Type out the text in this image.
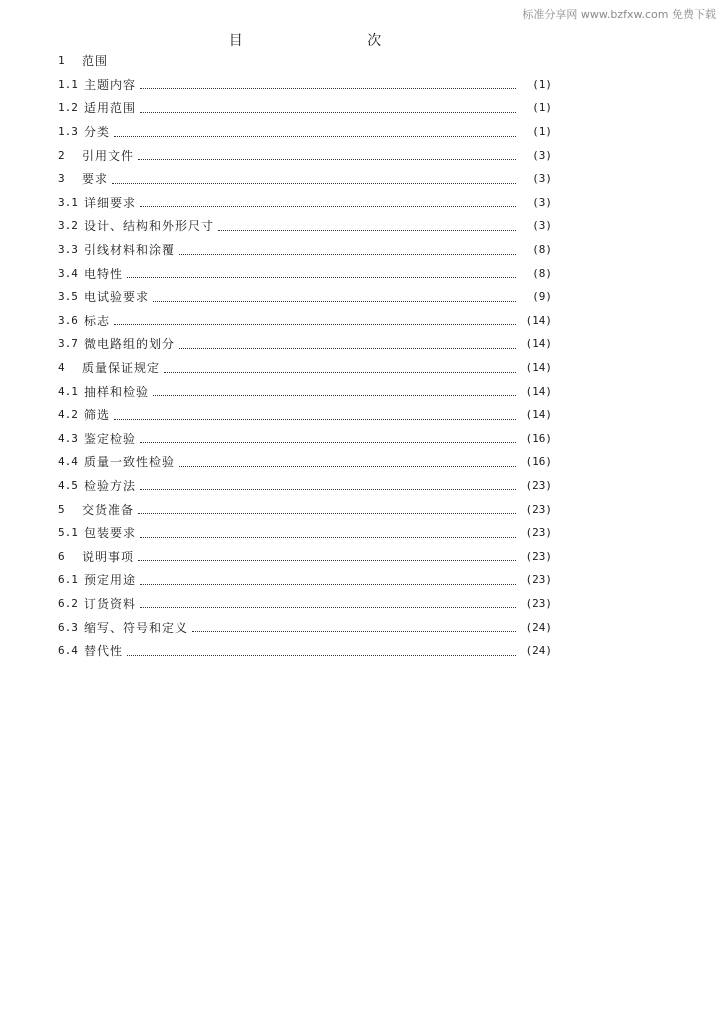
标准分享网 www.bzfxw.com 免费下载
目 次
1	范围
1.1 主题内容	(1)
1.2 适用范围	(1)
1.3 分类	(1)
2	引用文件	(3)
3	要求	(3)
3.1 详细要求	(3)
3.2 设计、结构和外形尺寸	(3)
3.3 引线材料和涂覆	(8)
3.4 电特性	(8)
3.5 电试验要求	(9)
3.6 标志	(14)
3.7 微电路组的划分	(14)
4	质量保证规定	(14)
4.1 抽样和检验	(14)
4.2 筛选	(14)
4.3 鉴定检验	(16)
4.4 质量一致性检验	(16)
4.5 检验方法	(23)
5	交货准备	(23)
5.1 包装要求	(23)
6	说明事项	(23)
6.1 预定用途	(23)
6.2 订货资料	(23)
6.3 缩写、符号和定义	(24)
6.4 替代性	(24)
